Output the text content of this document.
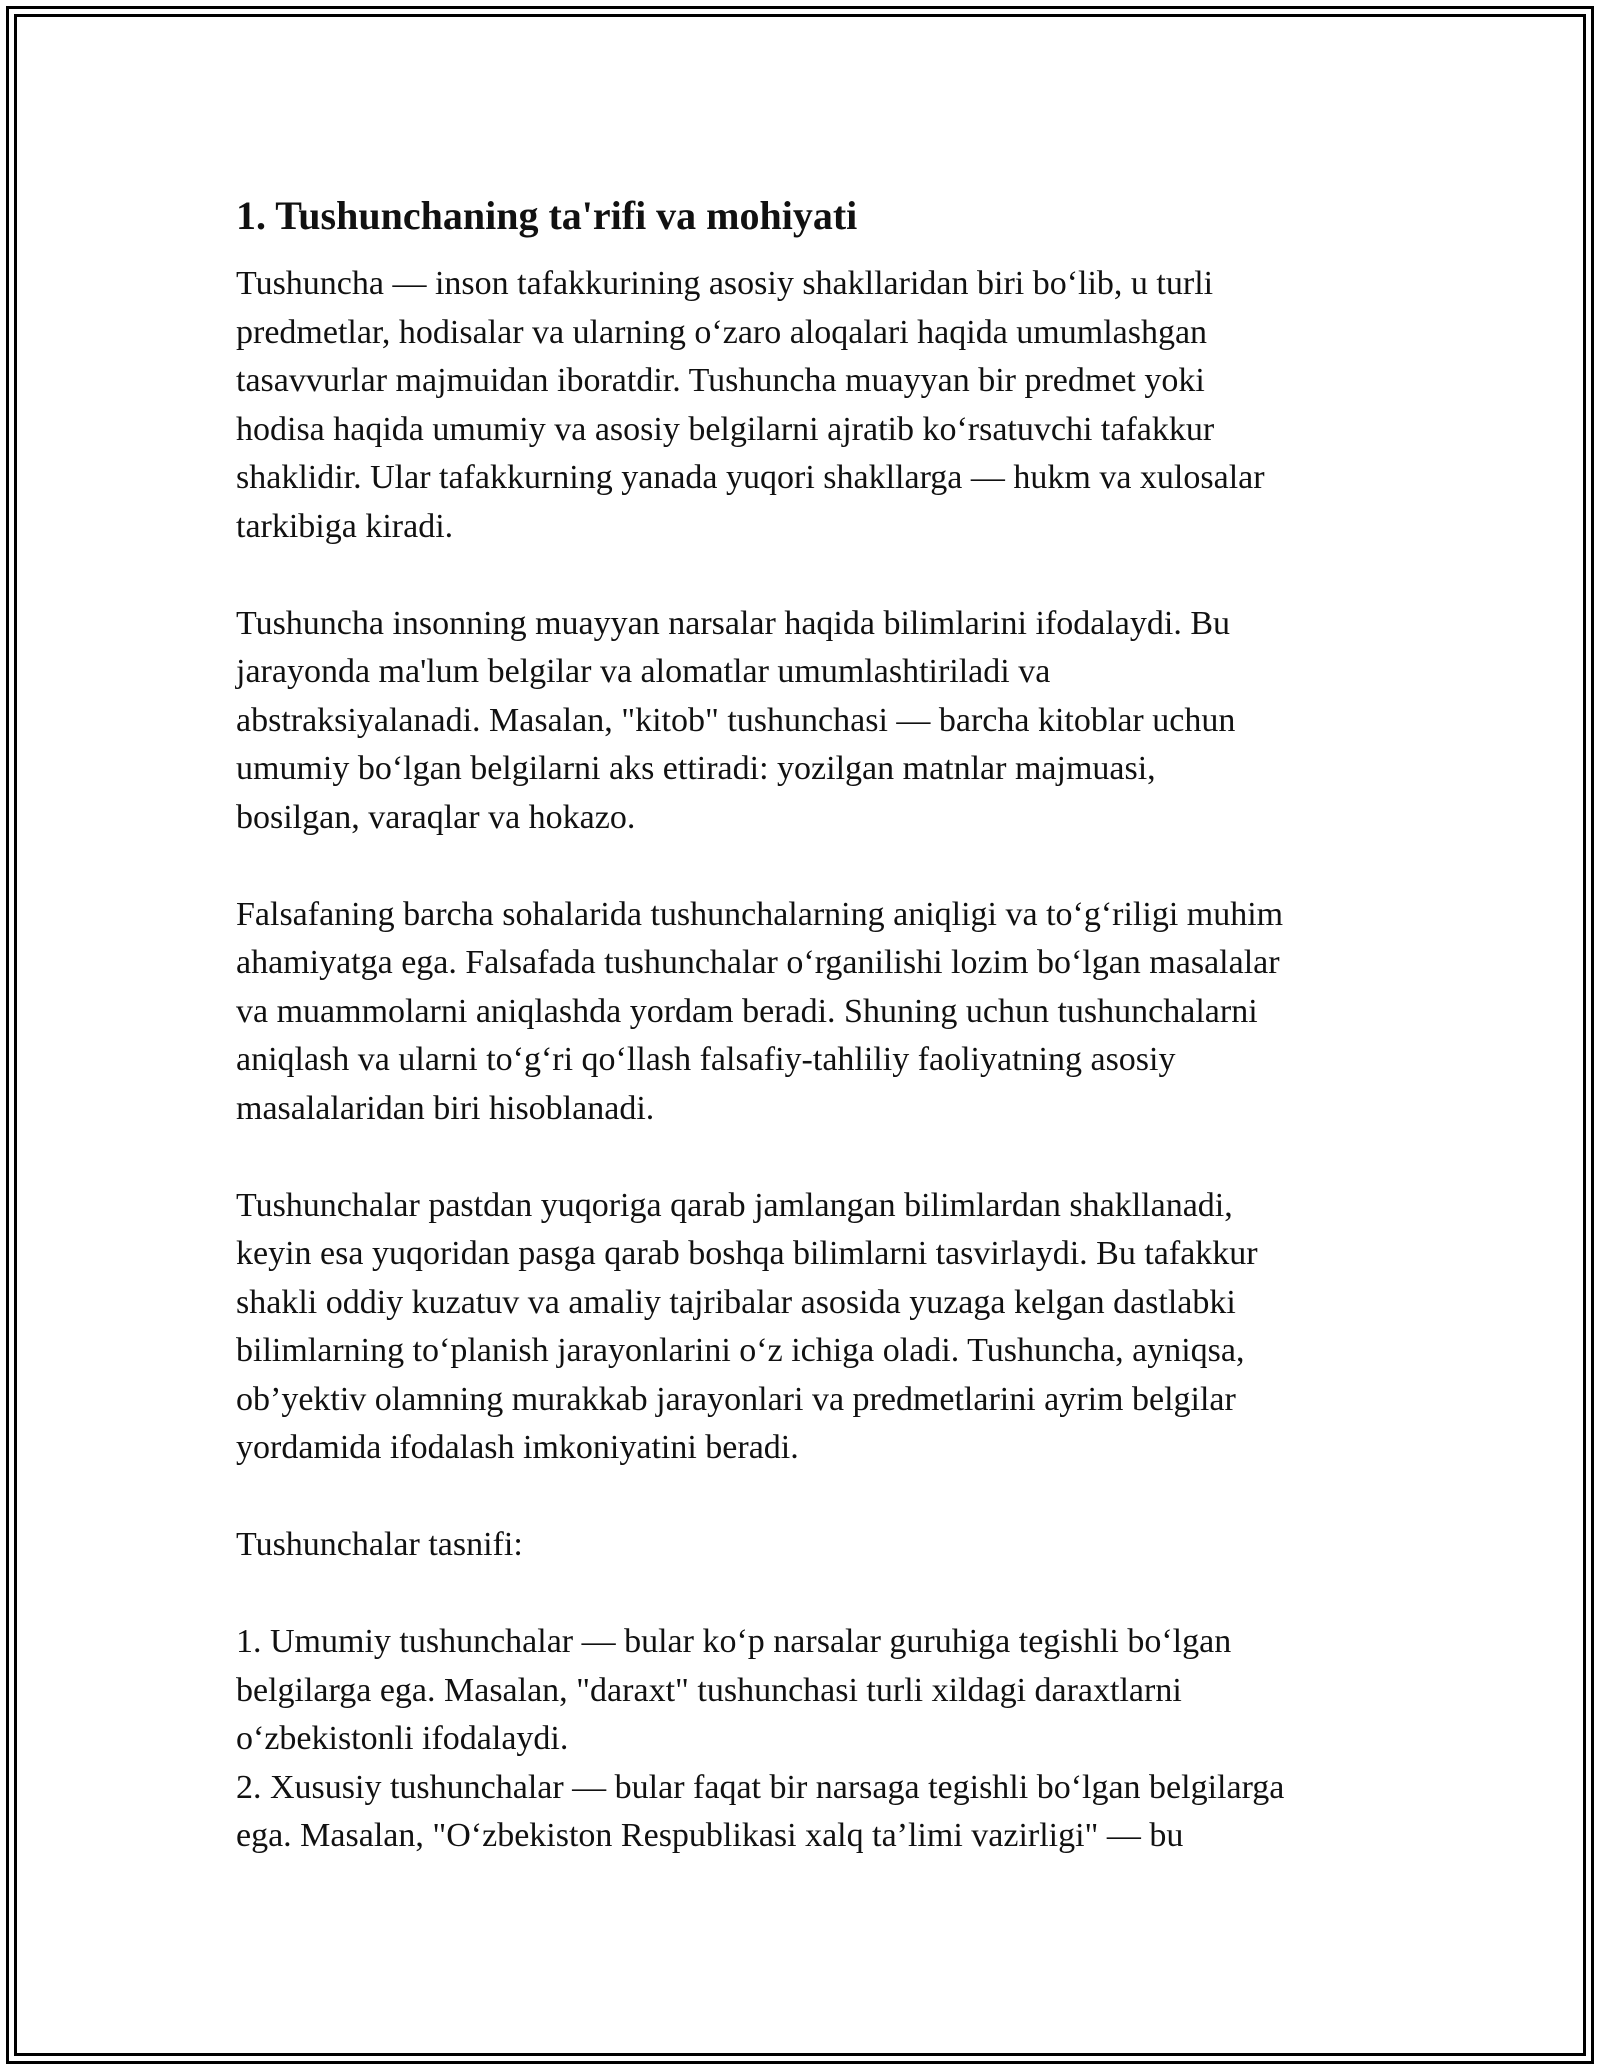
1. Tushunchaning ta'rifi va mohiyati

Tushuncha — inson tafakkurining asosiy shakllaridan biri boʻlib, u turli
predmetlar, hodisalar va ularning oʻzaro aloqalari haqida umumlashgan
tasavvurlar majmuidan iboratdir. Tushuncha muayyan bir predmet yoki
hodisa haqida umumiy va asosiy belgilarni ajratib koʻrsatuvchi tafakkur
shaklidir. Ular tafakkurning yanada yuqori shakllarga — hukm va xulosalar
tarkibiga kiradi.

Tushuncha insonning muayyan narsalar haqida bilimlarini ifodalaydi. Bu
jarayonda ma'lum belgilar va alomatlar umumlashtiriladi va
abstraksiyalanadi. Masalan, "kitob" tushunchasi — barcha kitoblar uchun
umumiy boʻlgan belgilarni aks ettiradi: yozilgan matnlar majmuasi,
bosilgan, varaqlar va hokazo.

Falsafaning barcha sohalarida tushunchalarning aniqligi va toʻgʻriligi muhim
ahamiyatga ega. Falsafada tushunchalar oʻrganilishi lozim boʻlgan masalalar
va muammolarni aniqlashda yordam beradi. Shuning uchun tushunchalarni
aniqlash va ularni toʻgʻri qoʻllash falsafiy-tahliliy faoliyatning asosiy
masalalaridan biri hisoblanadi.

Tushunchalar pastdan yuqoriga qarab jamlangan bilimlardan shakllanadi,
keyin esa yuqoridan pasga qarab boshqa bilimlarni tasvirlaydi. Bu tafakkur
shakli oddiy kuzatuv va amaliy tajribalar asosida yuzaga kelgan dastlabki
bilimlarning toʻplanish jarayonlarini oʻz ichiga oladi. Tushuncha, ayniqsa,
ob’yektiv olamning murakkab jarayonlari va predmetlarini ayrim belgilar
yordamida ifodalash imkoniyatini beradi.

Tushunchalar tasnifi:

1. Umumiy tushunchalar — bular koʻp narsalar guruhiga tegishli boʻlgan
belgilarga ega. Masalan, "daraxt" tushunchasi turli xildagi daraxtlarni
oʻzbekistonli ifodalaydi.
2. Xususiy tushunchalar — bular faqat bir narsaga tegishli boʻlgan belgilarga
ega. Masalan, "Oʻzbekiston Respublikasi xalq ta’limi vazirligi" — bu
